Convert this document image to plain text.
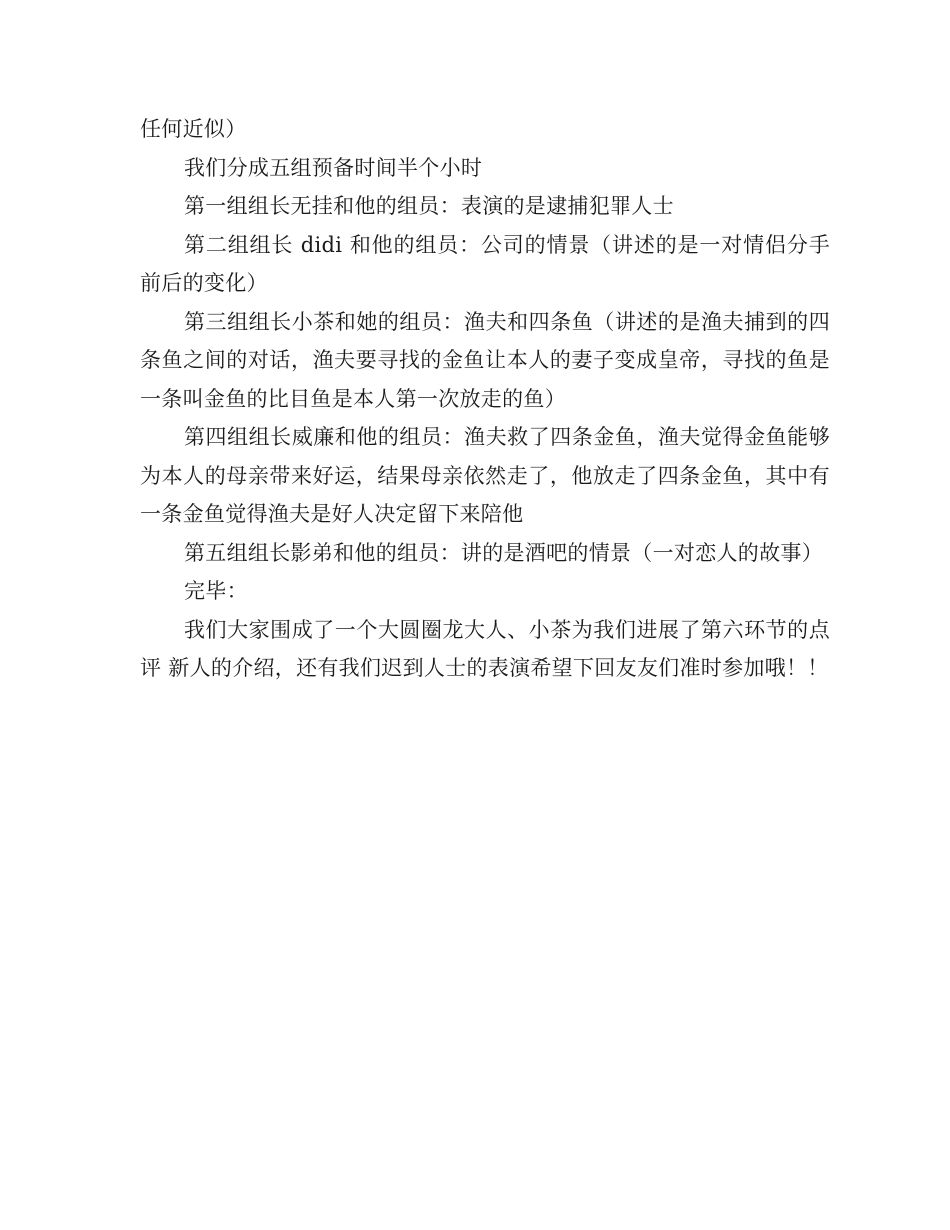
任何近似）

我们分成五组预备时间半个小时

第一组组长无挂和他的组员：表演的是逮捕犯罪人士

第二组组长 didi 和他的组员：公司的情景（讲述的是一对情侣分手前后的变化）

第三组组长小茶和她的组员：渔夫和四条鱼（讲述的是渔夫捕到的四条鱼之间的对话，渔夫要寻找的金鱼让本人的妻子变成皇帝，寻找的鱼是一条叫金鱼的比目鱼是本人第一次放走的鱼）

第四组组长威廉和他的组员：渔夫救了四条金鱼，渔夫觉得金鱼能够为本人的母亲带来好运，结果母亲依然走了，他放走了四条金鱼，其中有一条金鱼觉得渔夫是好人决定留下来陪他

第五组组长影弟和他的组员：讲的是酒吧的情景（一对恋人的故事）

完毕：

我们大家围成了一个大圆圈龙大人、小茶为我们进展了第六环节的点评 新人的介绍，还有我们迟到人士的表演希望下回友友们准时参加哦！！
